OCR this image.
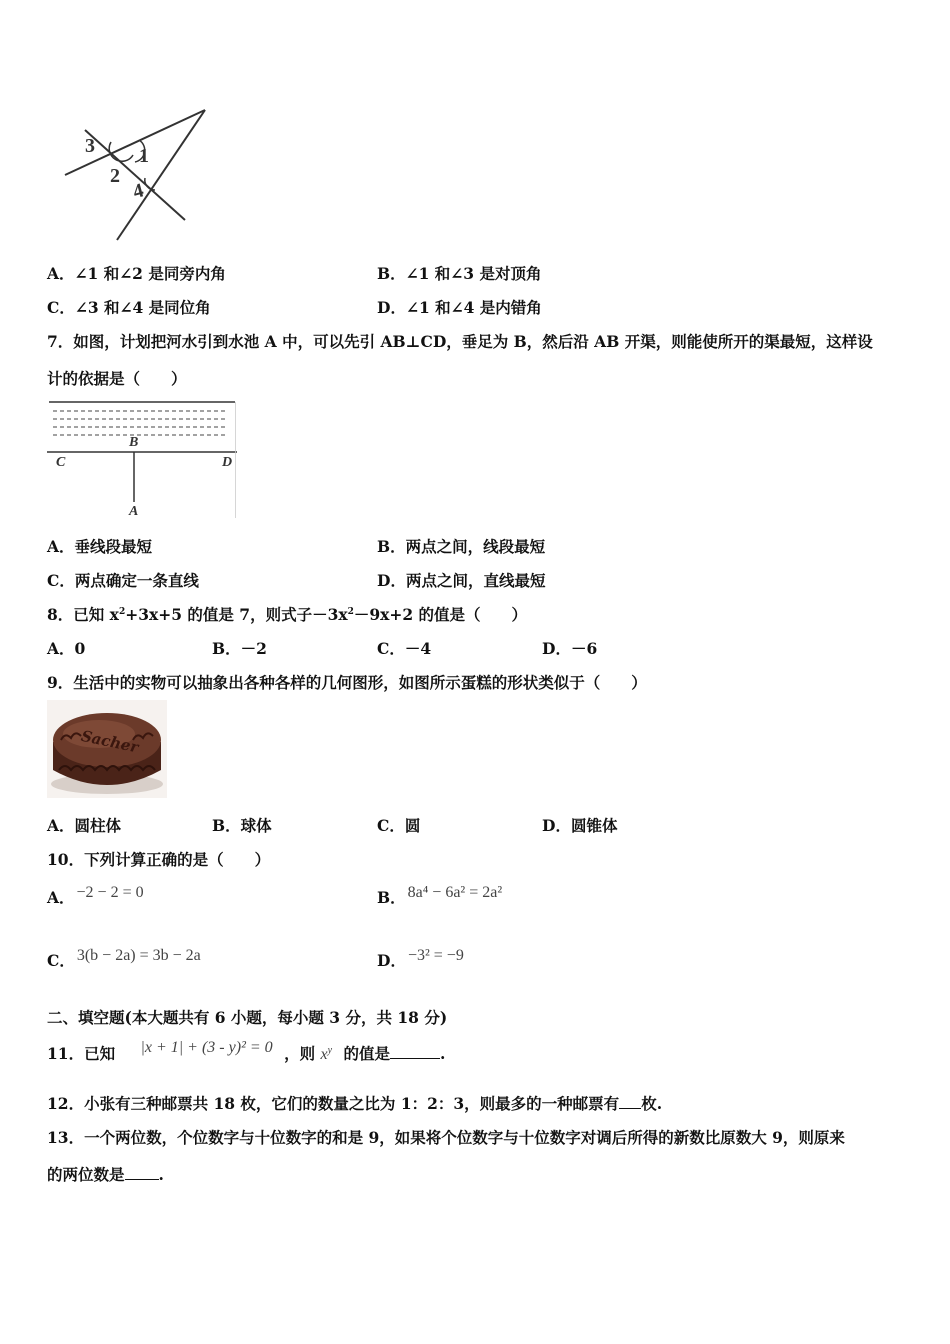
3 1
2
4
A．∠1 和∠2 是同旁内角	B．∠1 和∠3 是对顶角
C．∠3 和∠4 是同位角	D．∠1 和∠4 是内错角
7．如图，计划把河水引到水池 A 中，可以先引 AB⊥CD，垂足为 B，然后沿 AB 开渠，则能使所开的渠最短，这样设
计的依据是（　　）
B
C	D
A
A．垂线段最短	B．两点之间，线段最短
C．两点确定一条直线	D．两点之间，直线最短
8．已知 $x^2+3x+5$ 的值是 7，则式子$-3x^2-9x+2$ 的值是（　　）
A．0	B．－2	C．－4	D．－6
9．生活中的实物可以抽象出各种各样的几何图形，如图所示蛋糕的形状类似于（　　）
Sacher
A．圆柱体	B．球体	C．圆	D．圆锥体
10．下列计算正确的是（　　）
A． −2 − 2 = 0	B． 8a⁴ − 6a² = 2a²
C． 3(b − 2a) = 3b − 2a	D． −3² = −9
二、填空题(本大题共有 6 小题，每小题 3 分，共 18 分)
11．已知 |x + 1| + (3 - y)² = 0 ，则 $x^y$ 的值是	.
12．小张有三种邮票共 18 枚，它们的数量之比为 1：2：3，则最多的一种邮票有 枚.
13．一个两位数，个位数字与十位数字的和是 9，如果将个位数字与十位数字对调后所得的新数比原数大 9，则原来
的两位数是 .
